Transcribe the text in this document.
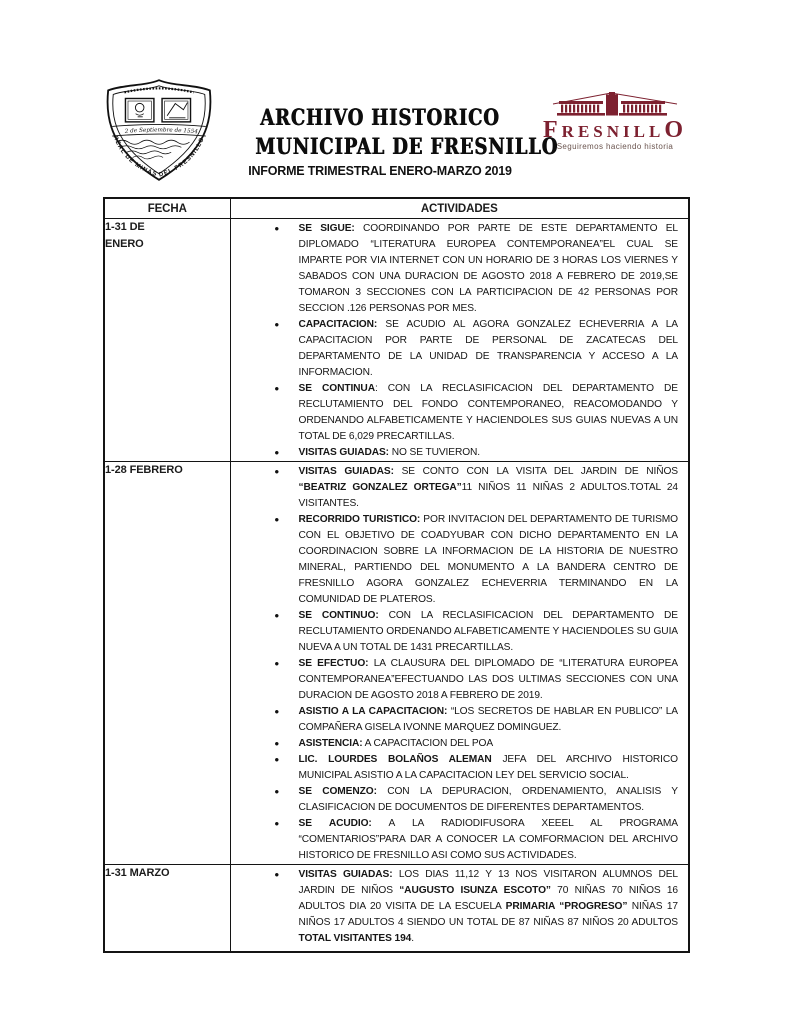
2 de Septiembre de 1554
REAL DE MINAS DEL FRESNILLO
ARCHIVO HISTORICO
MUNICIPAL DE FRESNILLO
INFORME TRIMESTRAL ENERO-MARZO 2019
FRESNILLO
Seguiremos haciendo historia
FECHA	ACTIVIDADES

1-31 DE
ENERO

• SE SIGUE: COORDINANDO POR PARTE DE ESTE DEPARTAMENTO EL DIPLOMADO “LITERATURA EUROPEA CONTEMPORANEA”EL CUAL SE IMPARTE POR VIA INTERNET CON UN HORARIO DE 3 HORAS LOS VIERNES Y SABADOS CON UNA DURACION DE AGOSTO 2018 A FEBRERO DE 2019,SE TOMARON 3 SECCIONES CON LA PARTICIPACION DE 42 PERSONAS POR SECCION .126 PERSONAS POR MES.
• CAPACITACION: SE ACUDIO AL AGORA GONZALEZ ECHEVERRIA A LA CAPACITACION POR PARTE DE PERSONAL DE ZACATECAS DEL DEPARTAMENTO DE LA UNIDAD DE TRANSPARENCIA Y ACCESO A LA INFORMACION.
• SE CONTINUA: CON LA RECLASIFICACION DEL DEPARTAMENTO DE RECLUTAMIENTO DEL FONDO CONTEMPORANEO, REACOMODANDO Y ORDENANDO ALFABETICAMENTE Y HACIENDOLES SUS GUIAS NUEVAS A UN TOTAL DE 6,029 PRECARTILLAS.
• VISITAS GUIADAS: NO SE TUVIERON.

1-28 FEBRERO

•VISITAS GUIADAS: SE CONTO CON LA VISITA DEL JARDIN DE NIÑOS “BEATRIZ GONZALEZ ORTEGA”11 NIÑOS 11 NIÑAS 2 ADULTOS.TOTAL 24 VISITANTES.
• RECORRIDO TURISTICO: POR INVITACION DEL DEPARTAMENTO DE TURISMO CON EL OBJETIVO DE COADYUBAR CON DICHO DEPARTAMENTO EN LA COORDINACION SOBRE LA INFORMACION DE LA HISTORIA DE NUESTRO MINERAL, PARTIENDO DEL MONUMENTO A LA BANDERA CENTRO DE FRESNILLO AGORA GONZALEZ ECHEVERRIA TERMINANDO EN LA COMUNIDAD DE PLATEROS.
• SE CONTINUO: CON LA RECLASIFICACION DEL DEPARTAMENTO DE RECLUTAMIENTO ORDENANDO ALFABETICAMENTE Y HACIENDOLES SU GUIA NUEVA A UN TOTAL DE 1431 PRECARTILLAS.
• SE EFECTUO: LA CLAUSURA DEL DIPLOMADO DE “LITERATURA EUROPEA CONTEMPORANEA”EFECTUANDO LAS DOS ULTIMAS SECCIONES CON UNA DURACION DE AGOSTO 2018 A FEBRERO DE 2019.
• ASISTIO A LA CAPACITACION: “LOS SECRETOS DE HABLAR EN PUBLICO” LA COMPAÑERA GISELA IVONNE MARQUEZ DOMINGUEZ.
• ASISTENCIA: A CAPACITACION DEL POA
• LIC. LOURDES BOLAÑOS ALEMAN JEFA DEL ARCHIVO HISTORICO MUNICIPAL ASISTIO A LA CAPACITACION LEY DEL SERVICIO SOCIAL.
• SE COMENZO: CON LA DEPURACION, ORDENAMIENTO, ANALISIS Y CLASIFICACION DE DOCUMENTOS DE DIFERENTES DEPARTAMENTOS.
• SE ACUDIO: A LA RADIODIFUSORA XEEEL AL PROGRAMA “COMENTARIOS”PARA DAR A CONOCER LA COMFORMACION DEL ARCHIVO HISTORICO DE FRESNILLO ASI COMO SUS ACTIVIDADES.

1-31 MARZO

•VISITAS GUIADAS: LOS DIAS 11,12 Y 13 NOS VISITARON ALUMNOS DEL JARDIN DE NIÑOS “AUGUSTO ISUNZA ESCOTO” 70 NIÑAS 70 NIÑOS 16 ADULTOS DIA 20 VISITA DE LA ESCUELA PRIMARIA “PROGRESO” NIÑAS 17 NIÑOS 17 ADULTOS 4 SIENDO UN TOTAL DE 87 NIÑAS 87 NIÑOS 20 ADULTOS TOTAL VISITANTES 194.
